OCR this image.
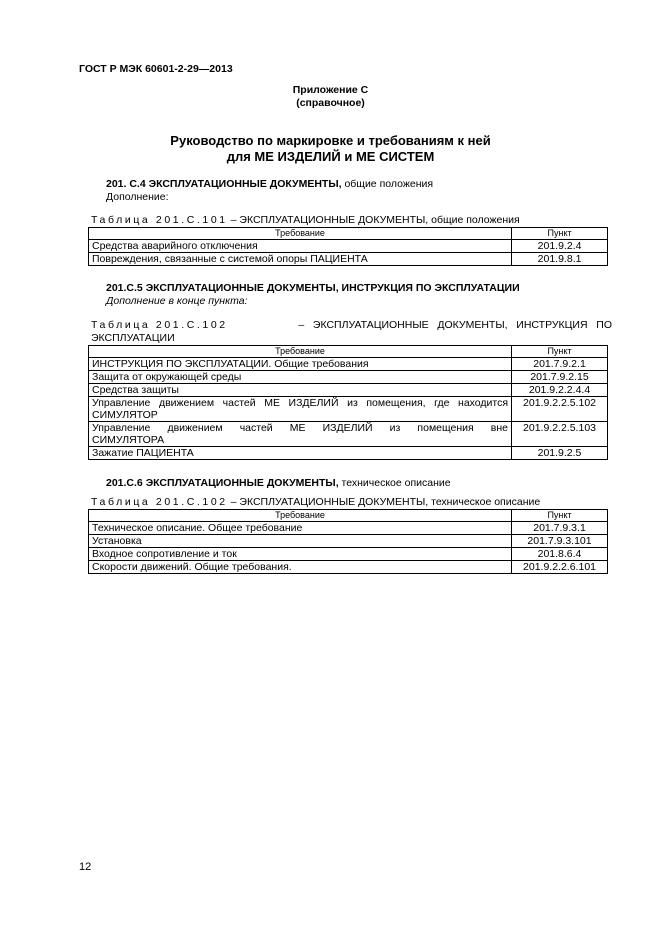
ГОСТ Р МЭК 60601-2-29—2013
Приложение С
(справочное)
Руководство по маркировке и требованиям к ней
для МЕ ИЗДЕЛИЙ и МЕ СИСТЕМ
201. С.4 ЭКСПЛУАТАЦИОННЫЕ ДОКУМЕНТЫ, общие положения
Дополнение:
Таблица 201.С.101 – ЭКСПЛУАТАЦИОННЫЕ ДОКУМЕНТЫ, общие положения
Требование	Пункт
Средства аварийного отключения	201.9.2.4
Повреждения, связанные с системой опоры ПАЦИЕНТА	201.9.8.1
201.С.5 ЭКСПЛУАТАЦИОННЫЕ ДОКУМЕНТЫ, ИНСТРУКЦИЯ ПО ЭКСПЛУАТАЦИИ
Дополнение в конце пункта:
Таблица 201.С.102	–   ЭКСПЛУАТАЦИОННЫЕ   ДОКУМЕНТЫ,   ИНСТРУКЦИЯ   ПО
ЭКСПЛУАТАЦИИ
Требование	Пункт
ИНСТРУКЦИЯ ПО ЭКСПЛУАТАЦИИ. Общие требования	201.7.9.2.1
Защита от окружающей среды	201.7.9.2.15
Средства защиты	201.9.2.2.4.4

Управление движением частей МЕ ИЗДЕЛИЙ из помещения, где находится
СИМУЛЯТОР	201.9.2.2.5.102

Управление движением частей МЕ ИЗДЕЛИЙ из помещения вне
СИМУЛЯТОРА	201.9.2.2.5.103
Зажатие ПАЦИЕНТА	201.9.2.5
201.С.6 ЭКСПЛУАТАЦИОННЫЕ ДОКУМЕНТЫ, техническое описание
Таблица 201.С.102 – ЭКСПЛУАТАЦИОННЫЕ ДОКУМЕНТЫ, техническое описание
Требование	Пункт
Техническое описание. Общее требование	201.7.9.3.1
Установка	201.7.9.3.101
Входное сопротивление и ток	201.8.6.4
Скорости движений. Общие требования.	201.9.2.2.6.101
12
